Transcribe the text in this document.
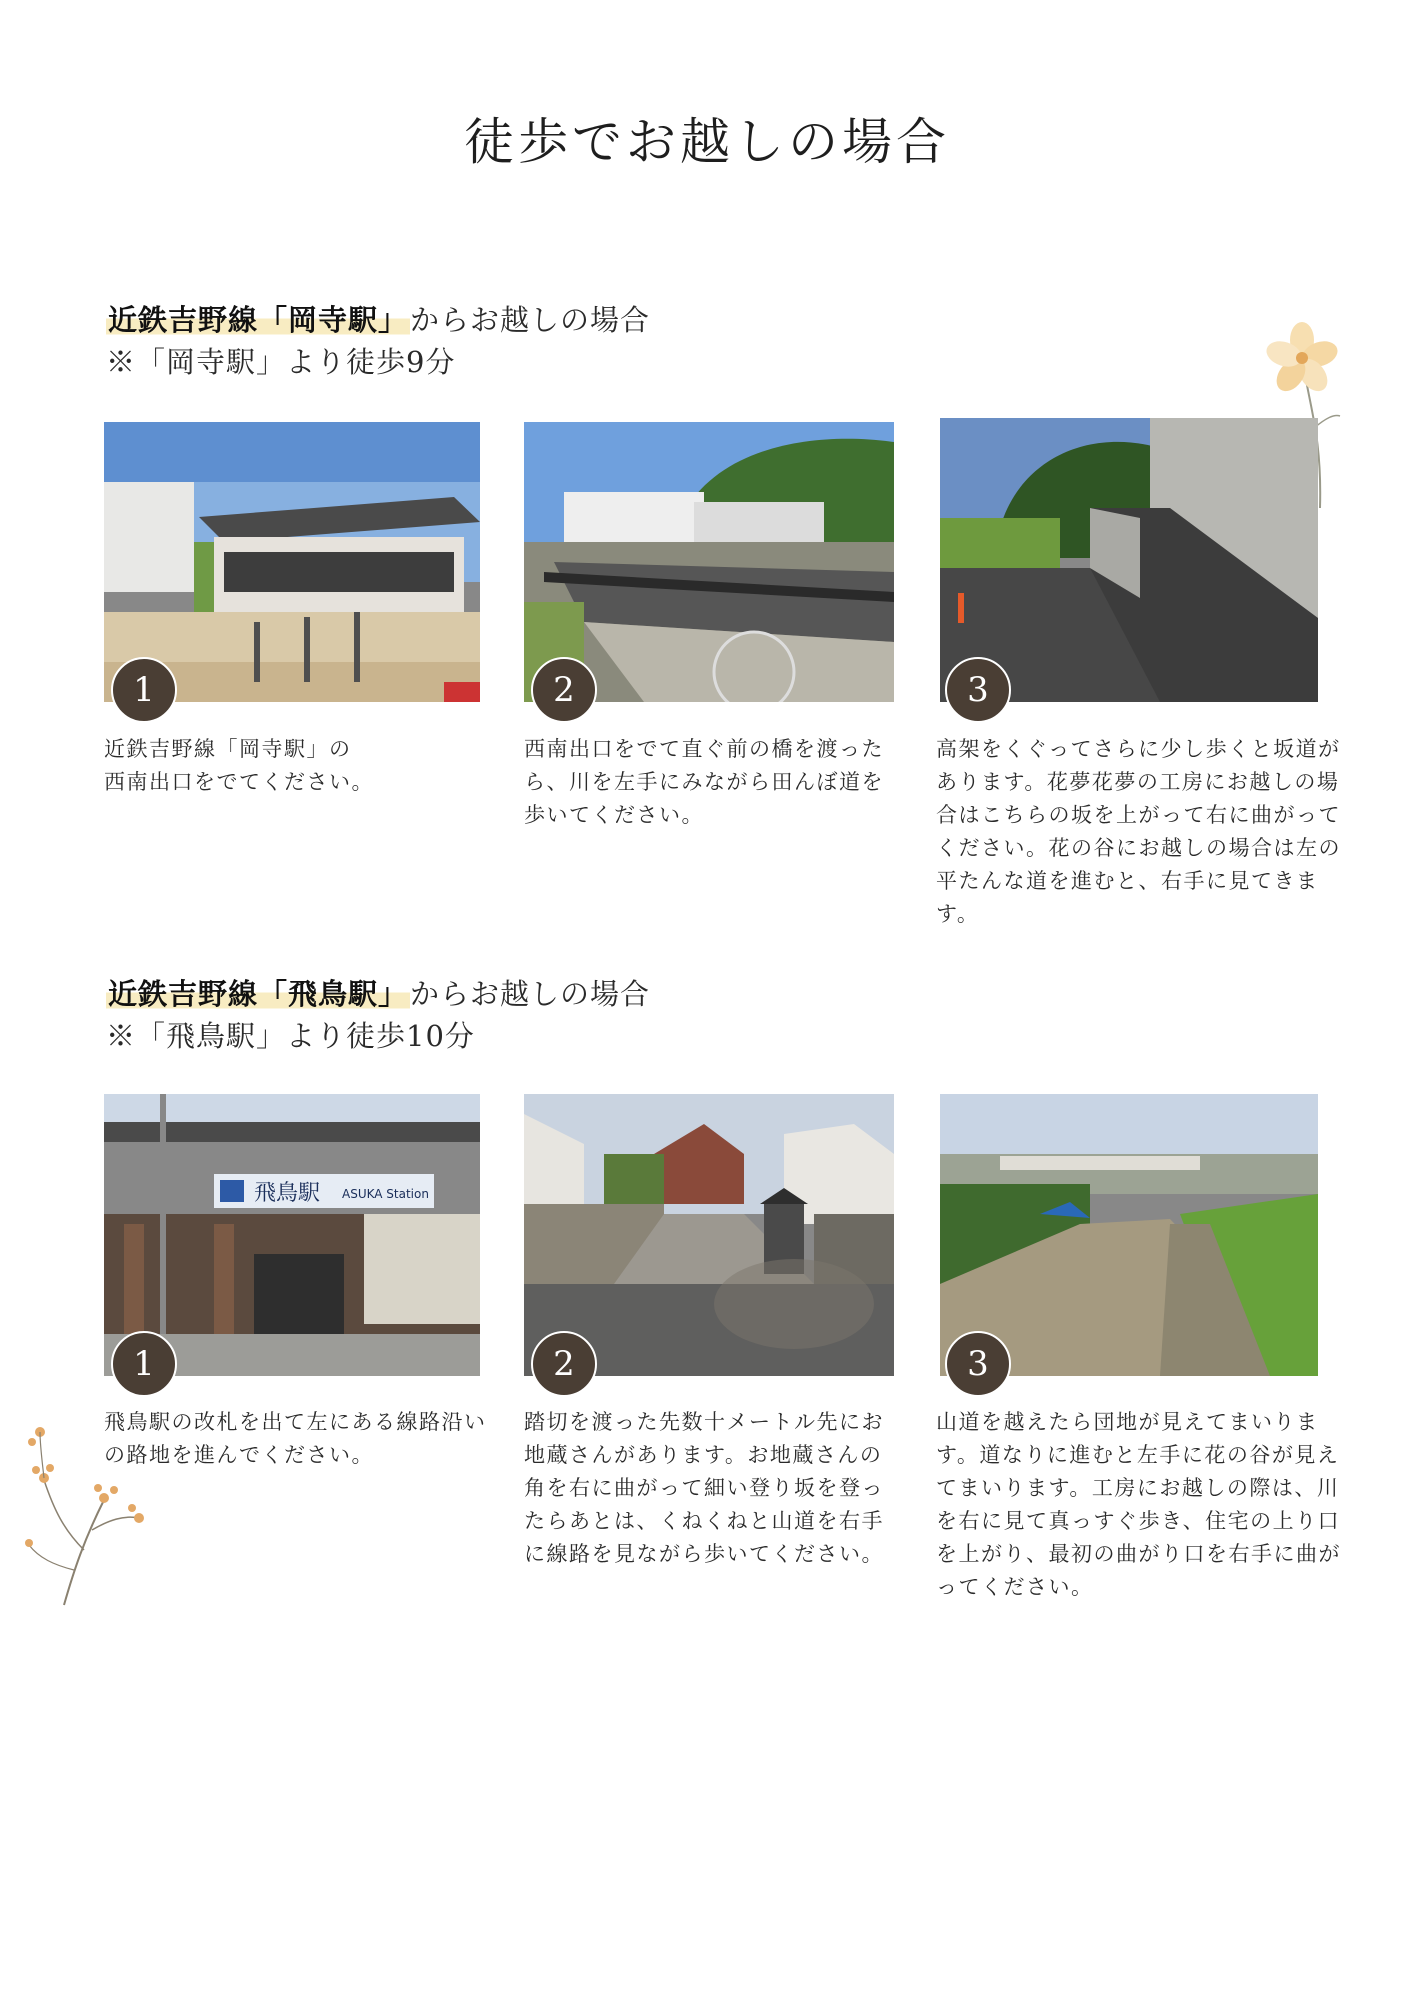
徒歩でお越しの場合
近鉄吉野線「岡寺駅」からお越しの場合
※「岡寺駅」より徒歩9分
1	2	3
近鉄吉野線「岡寺駅」の
西南出口をでてください。
西南出口をでて直ぐ前の橋を渡ったら、川を左手にみながら田んぼ道を歩いてください。
高架をくぐってさらに少し歩くと坂道があります。花夢花夢の工房にお越しの場合はこちらの坂を上がって右に曲がってください。花の谷にお越しの場合は左の平たんな道を進むと、右手に見てきます。
近鉄吉野線「飛鳥駅」からお越しの場合
※「飛鳥駅」より徒歩10分
飛鳥駅 ASUKA Station
1	2	3
飛鳥駅の改札を出て左にある線路沿いの路地を進んでください。
踏切を渡った先数十メートル先にお地蔵さんがあります。お地蔵さんの角を右に曲がって細い登り坂を登ったらあとは、くねくねと山道を右手に線路を見ながら歩いてください。
山道を越えたら団地が見えてまいります。道なりに進むと左手に花の谷が見えてまいります。工房にお越しの際は、川を右に見て真っすぐ歩き、住宅の上り口を上がり、最初の曲がり口を右手に曲がってください。
